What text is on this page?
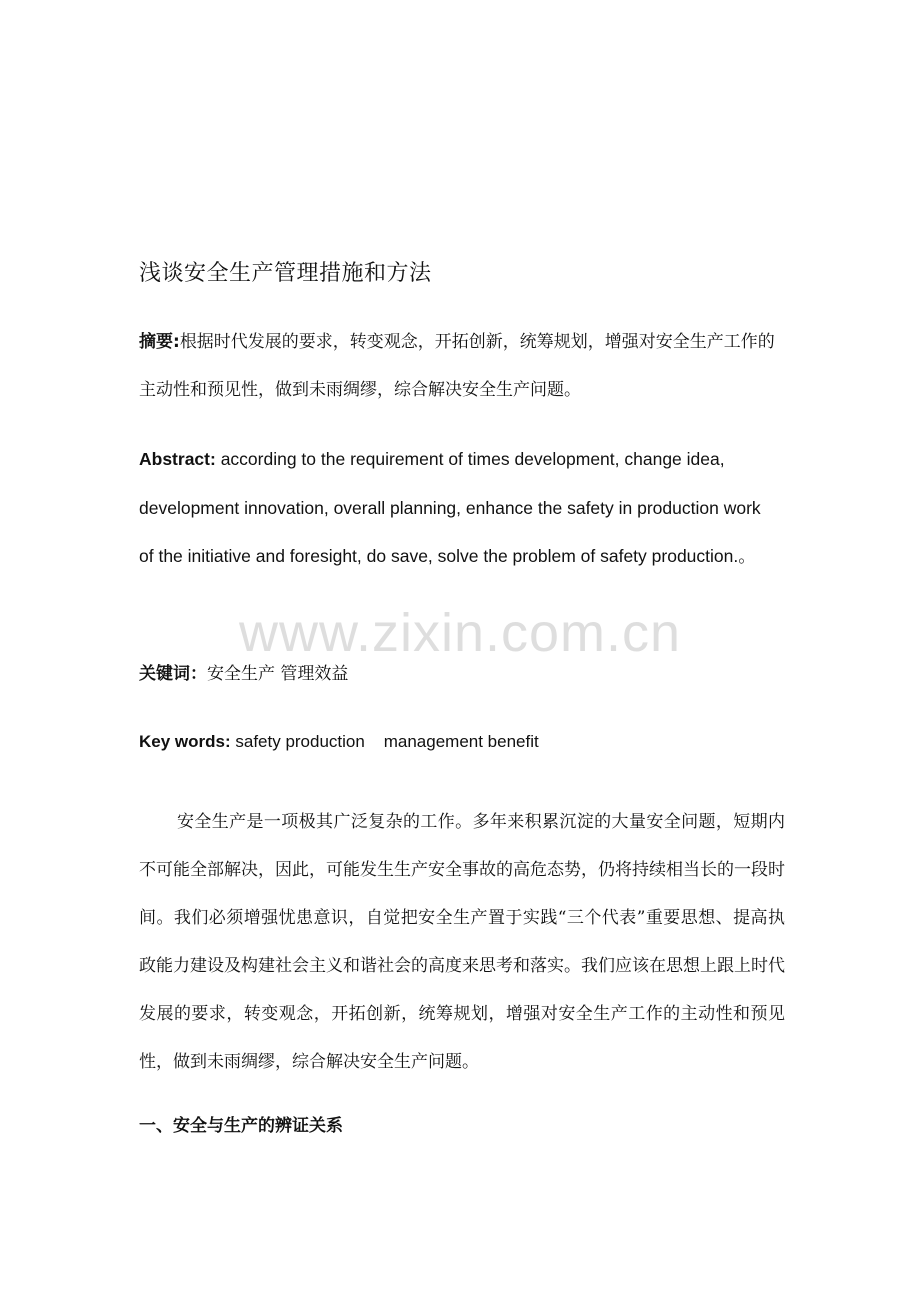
浅谈安全生产管理措施和方法

摘要:根据时代发展的要求，转变观念，开拓创新，统筹规划，增强对安全生产工作的主动性和预见性，做到未雨绸缪，综合解决安全生产问题。

Abstract: according to the requirement of times development, change idea, development innovation, overall planning, enhance the safety in production work of the initiative and foresight, do save, solve the problem of safety production.。

www.zixin.com.cn

关键词：安全生产 管理效益

Key words: safety production    management benefit

安全生产是一项极其广泛复杂的工作。多年来积累沉淀的大量安全问题，短期内不可能全部解决，因此，可能发生生产安全事故的高危态势，仍将持续相当长的一段时间。我们必须增强忧患意识，自觉把安全生产置于实践“三个代表”重要思想、提高执政能力建设及构建社会主义和谐社会的高度来思考和落实。我们应该在思想上跟上时代发展的要求，转变观念，开拓创新，统筹规划，增强对安全生产工作的主动性和预见性，做到未雨绸缪，综合解决安全生产问题。

一、安全与生产的辨证关系
